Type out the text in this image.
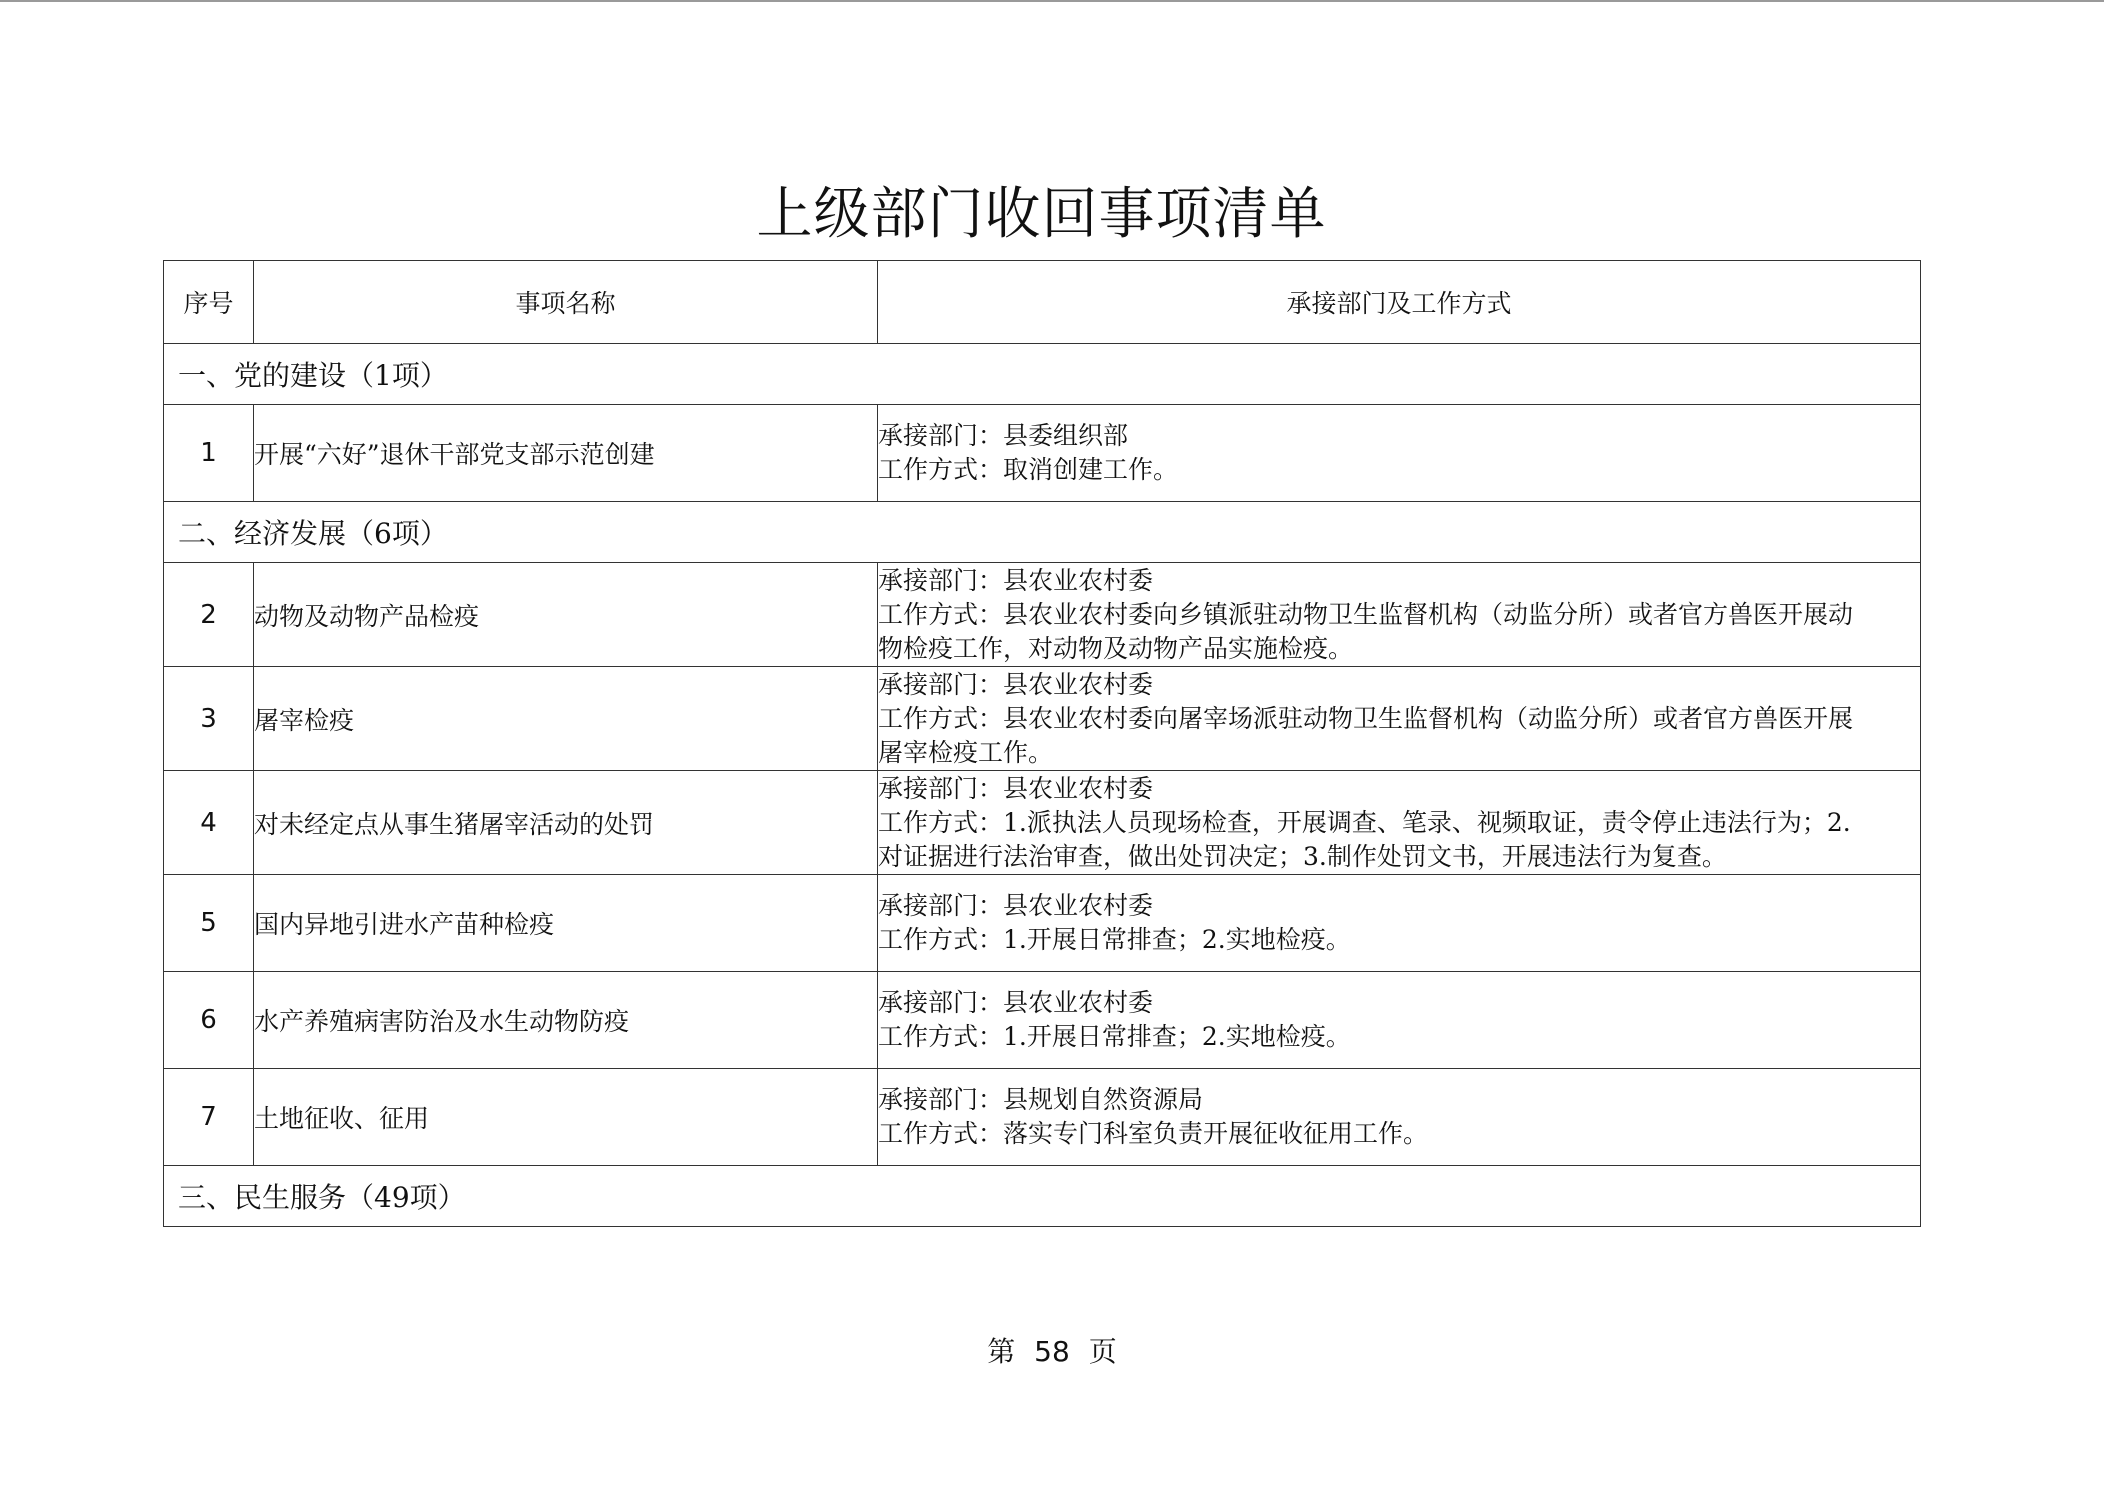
上级部门收回事项清单
序号	事项名称	承接部门及工作方式
一、党的建设（1项）		
1	开展“六好”退休干部党支部示范创建	承接部门：县委组织部
工作方式：取消创建工作。

二、经济发展（6项）		
2	动物及动物产品检疫	承接部门：县农业农村委
工作方式：县农业农村委向乡镇派驻动物卫生监督机构（动监分所）或者官方兽医开展动
物检疫工作，对动物及动物产品实施检疫。

3	屠宰检疫	承接部门：县农业农村委
工作方式：县农业农村委向屠宰场派驻动物卫生监督机构（动监分所）或者官方兽医开展
屠宰检疫工作。

4	对未经定点从事生猪屠宰活动的处罚	承接部门：县农业农村委
工作方式：1.派执法人员现场检查，开展调查、笔录、视频取证，责令停止违法行为；2.
对证据进行法治审查，做出处罚决定；3.制作处罚文书，开展违法行为复查。

5	国内异地引进水产苗种检疫	承接部门：县农业农村委
工作方式：1.开展日常排查；2.实地检疫。

6	水产养殖病害防治及水生动物防疫	承接部门：县农业农村委
工作方式：1.开展日常排查；2.实地检疫。

7	土地征收、征用	承接部门：县规划自然资源局
工作方式：落实专门科室负责开展征收征用工作。

三、民生服务（49项）		
第 58 页
